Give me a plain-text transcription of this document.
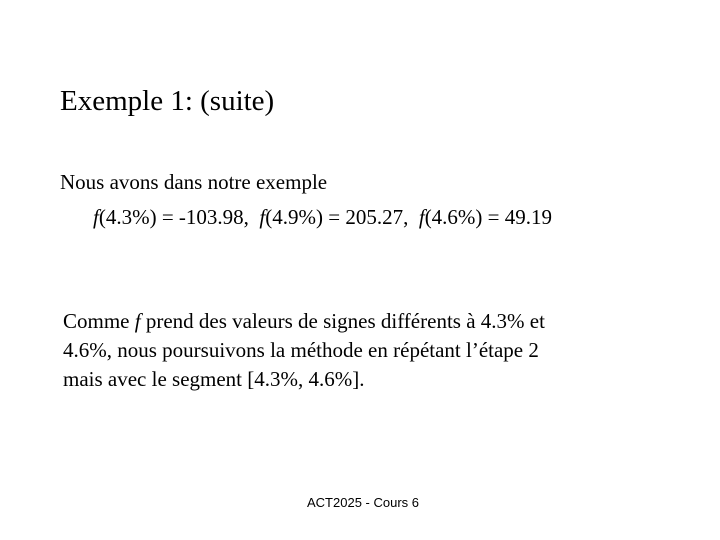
Exemple 1: (suite)
Nous avons dans notre exemple
f(4.3%) = -103.98, f(4.9%) = 205.27, f(4.6%) = 49.19
Comme f prend des valeurs de signes différents à 4.3% et
4.6%, nous poursuivons la méthode en répétant l’étape 2
mais avec le segment [4.3%, 4.6%].
ACT2025 - Cours 6
